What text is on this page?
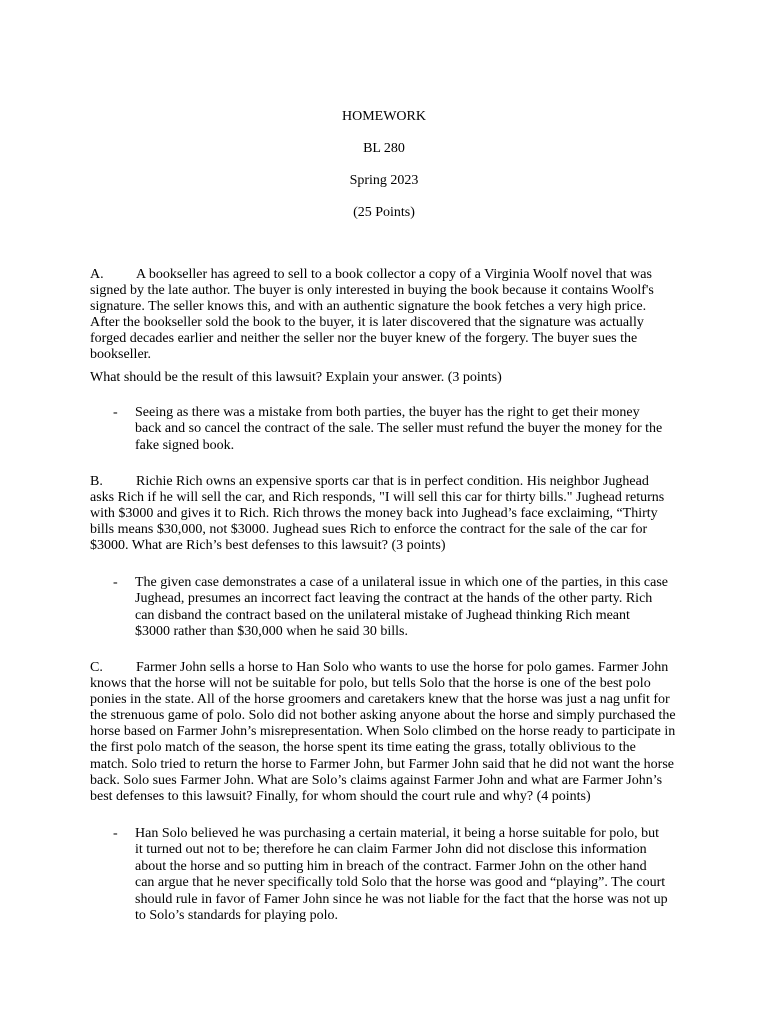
HOMEWORK
BL 280
Spring 2023
(25 Points)
A. A bookseller has agreed to sell to a book collector a copy of a Virginia Woolf novel that was signed by the late author. The buyer is only interested in buying the book because it contains Woolf's signature. The seller knows this, and with an authentic signature the book fetches a very high price. After the bookseller sold the book to the buyer, it is later discovered that the signature was actually forged decades earlier and neither the seller nor the buyer knew of the forgery. The buyer sues the bookseller.
What should be the result of this lawsuit? Explain your answer. (3 points)
- Seeing as there was a mistake from both parties, the buyer has the right to get their money back and so cancel the contract of the sale. The seller must refund the buyer the money for the fake signed book.
B. Richie Rich owns an expensive sports car that is in perfect condition. His neighbor Jughead asks Rich if he will sell the car, and Rich responds, "I will sell this car for thirty bills." Jughead returns with $3000 and gives it to Rich. Rich throws the money back into Jughead’s face exclaiming, “Thirty bills means $30,000, not $3000. Jughead sues Rich to enforce the contract for the sale of the car for $3000. What are Rich’s best defenses to this lawsuit? (3 points)
- The given case demonstrates a case of a unilateral issue in which one of the parties, in this case Jughead, presumes an incorrect fact leaving the contract at the hands of the other party. Rich can disband the contract based on the unilateral mistake of Jughead thinking Rich meant $3000 rather than $30,000 when he said 30 bills.
C. Farmer John sells a horse to Han Solo who wants to use the horse for polo games. Farmer John knows that the horse will not be suitable for polo, but tells Solo that the horse is one of the best polo ponies in the state. All of the horse groomers and caretakers knew that the horse was just a nag unfit for the strenuous game of polo. Solo did not bother asking anyone about the horse and simply purchased the horse based on Farmer John’s misrepresentation. When Solo climbed on the horse ready to participate in the first polo match of the season, the horse spent its time eating the grass, totally oblivious to the match. Solo tried to return the horse to Farmer John, but Farmer John said that he did not want the horse back. Solo sues Farmer John. What are Solo’s claims against Farmer John and what are Farmer John’s best defenses to this lawsuit? Finally, for whom should the court rule and why? (4 points)
- Han Solo believed he was purchasing a certain material, it being a horse suitable for polo, but it turned out not to be; therefore he can claim Farmer John did not disclose this information about the horse and so putting him in breach of the contract. Farmer John on the other hand can argue that he never specifically told Solo that the horse was good and “playing”. The court should rule in favor of Famer John since he was not liable for the fact that the horse was not up to Solo’s standards for playing polo.
